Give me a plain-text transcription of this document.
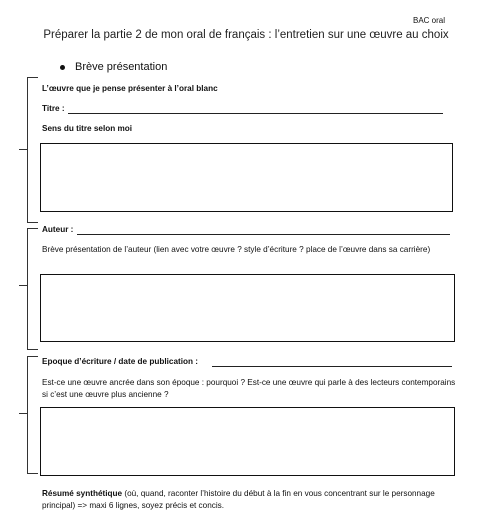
BAC oral
Préparer la partie 2 de mon oral de français : l’entretien sur une œuvre au choix
Brève présentation
L’œuvre que je pense présenter à l’oral blanc
Titre :
Sens du titre selon moi
Auteur :
Brève présentation de l’auteur (lien avec votre œuvre ? style d’écriture ? place de l’œuvre dans sa carrière)
Epoque d’écriture / date de publication :
Est-ce une œuvre ancrée dans son époque : pourquoi ? Est-ce une œuvre qui parle à des lecteurs contemporains si c’est une œuvre plus ancienne ?
Résumé synthétique (où, quand, raconter l’histoire du début à la fin en vous concentrant sur le personnage principal) => maxi 6 lignes, soyez précis et concis.
